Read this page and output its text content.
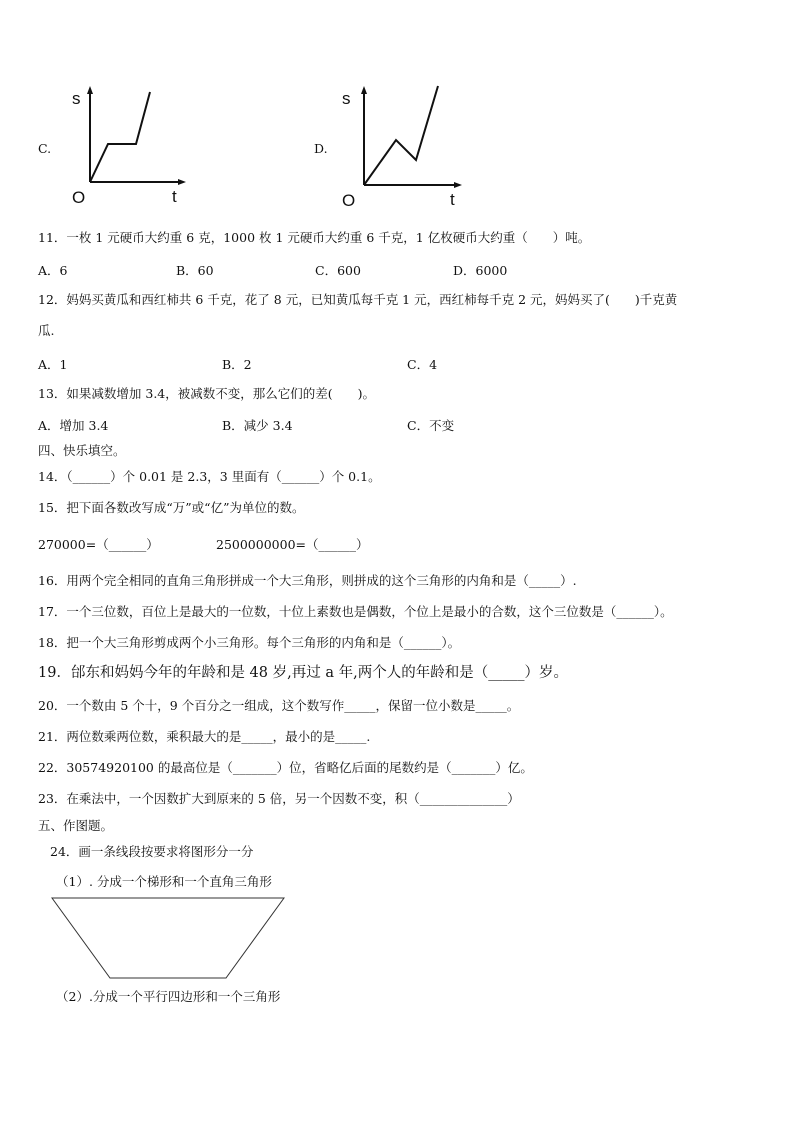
C.
s
t
O
D.
s
t
O
11．一枚 1 元硬币大约重 6 克，1000 枚 1 元硬币大约重 6 千克，1 亿枚硬币大约重（　　）吨。
A．6	B．60	C．600	D．6000
12．妈妈买黄瓜和西红柿共 6 千克，花了 8 元，已知黄瓜每千克 1 元，西红柿每千克 2 元，妈妈买了(　　)千克黄
瓜.
A．1	B．2	C．4
13．如果减数增加 3.4，被减数不变，那么它们的差(　　)。
A．增加 3.4	B．减少 3.4	C．不变
四、快乐填空。
14．（______）个 0.01 是 2.3，3 里面有（______）个 0.1。
15．把下面各数改写成“万”或“亿”为单位的数。
270000=（______）	2500000000=（______）
16．用两个完全相同的直角三角形拼成一个大三角形，则拼成的这个三角形的内角和是（_____）.
17．一个三位数，百位上是最大的一位数，十位上素数也是偶数，个位上是最小的合数，这个三位数是（______）。
18．把一个大三角形剪成两个小三角形。每个三角形的内角和是（______）。
19．邰东和妈妈今年的年龄和是 48 岁,再过 a 年,两个人的年龄和是（_____）岁。
20．一个数由 5 个十，9 个百分之一组成，这个数写作_____，保留一位小数是_____。
21．两位数乘两位数，乘积最大的是_____，最小的是_____.
22．30574920100 的最高位是（_______）位，省略亿后面的尾数约是（_______）亿。
23．在乘法中，一个因数扩大到原来的 5 倍，另一个因数不变，积（______________）
五、作图题。
24．画一条线段按要求将图形分一分
（1）. 分成一个梯形和一个直角三角形
（2）.分成一个平行四边形和一个三角形
